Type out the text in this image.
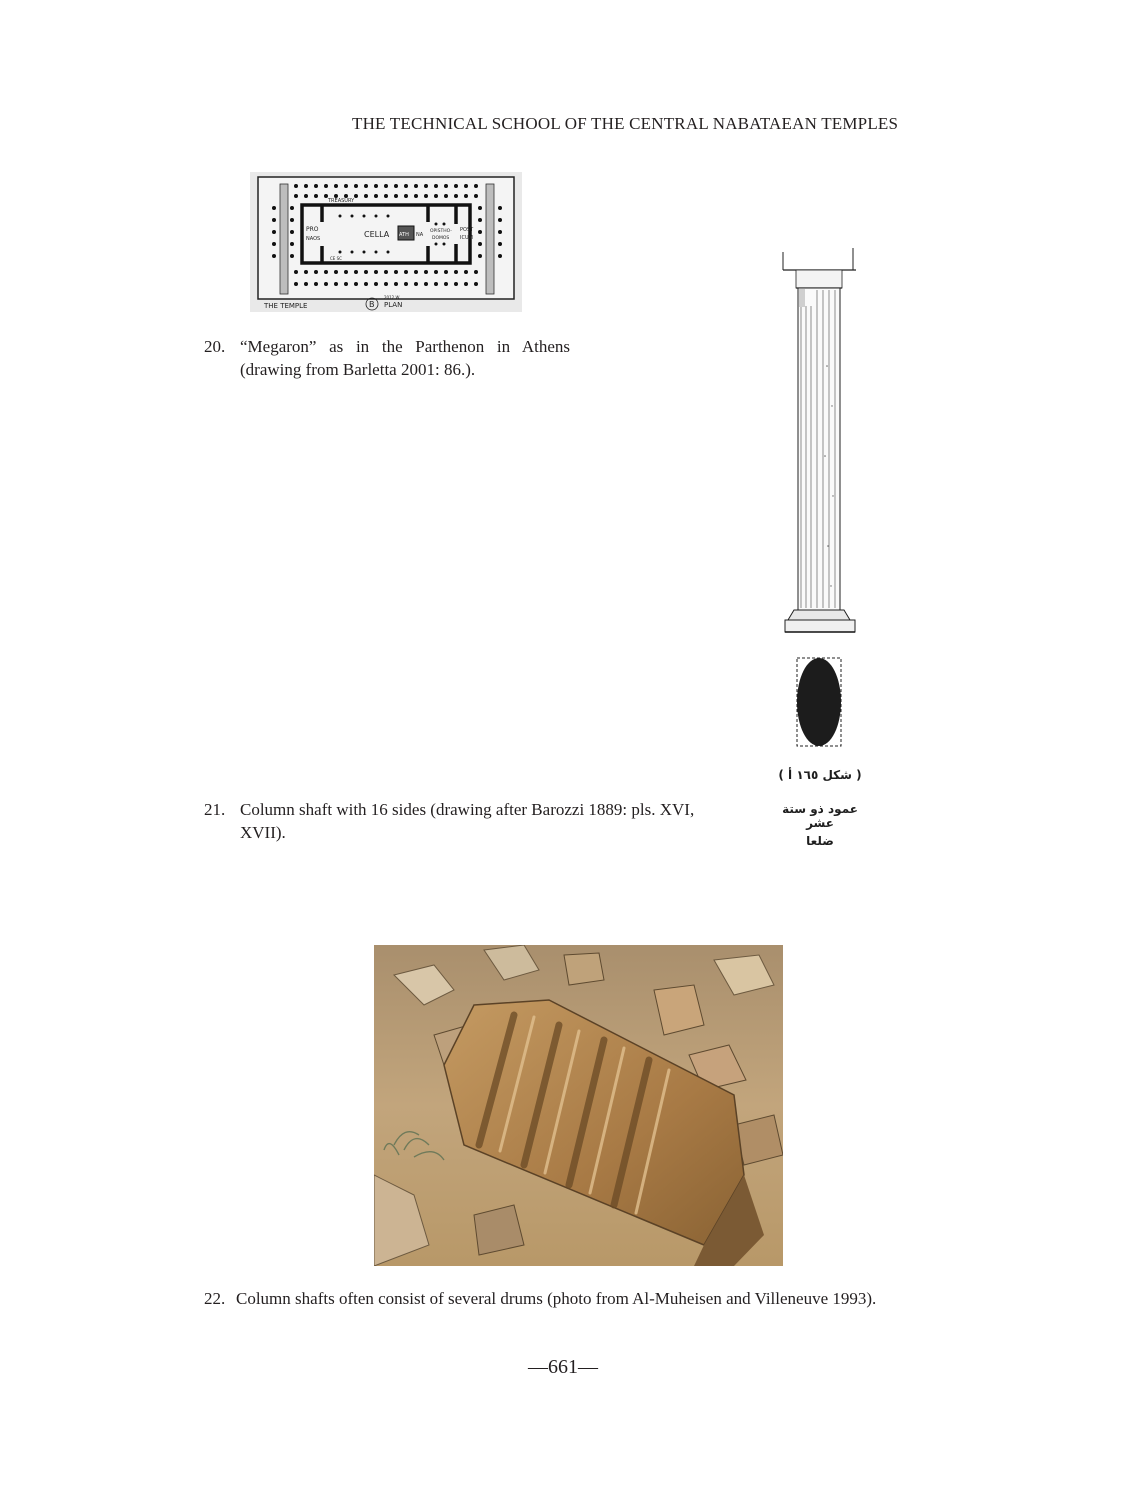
THE TECHNICAL SCHOOL OF THE CENTRAL NABATAEAN TEMPLES
TREASURY
PRO
NAOS	CELLA ATH NA
OPISTHO-
DOMOS
POST
ICUM
CE SC
THE TEMPLE	B
2012 W
PLAN
20. “Megaron” as in the Parthenon in Athens (drawing from Barletta 2001: 86.).
( شكل ١٦٥ أ )
عمود ذو ستة عشر
ضلعا
21. Column shaft with 16 sides (drawing after Barozzi 1889: pls. XVI, XVII).
22. Column shafts often consist of several drums (photo from Al-Muheisen and Villeneuve 1993).
—661—
